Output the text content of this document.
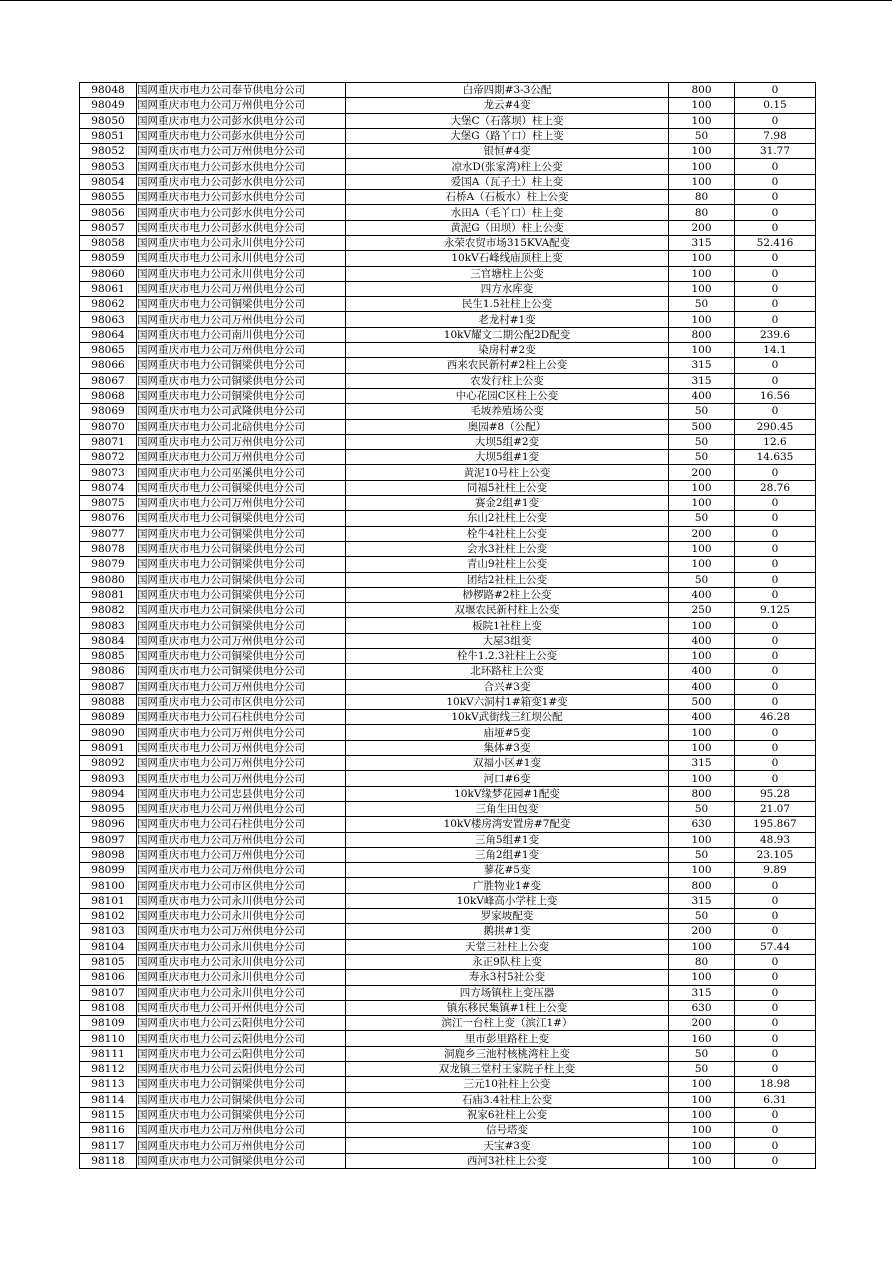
98048	国网重庆市电力公司奉节供电分公司	白帝四期#3-3公配	800	0
98049	国网重庆市电力公司万州供电分公司	龙云#4变	100	0.15
98050	国网重庆市电力公司彭水供电分公司	大堡C（石落坝）柱上变	100	0
98051	国网重庆市电力公司彭水供电分公司	大堡G（路丫口）柱上变	50	7.98
98052	国网重庆市电力公司万州供电分公司	银恒#4变	100	31.77
98053	国网重庆市电力公司彭水供电分公司	凉水D(张家湾)柱上公变	100	0
98054	国网重庆市电力公司彭水供电分公司	爱国A（瓦子土）柱上变	100	0
98055	国网重庆市电力公司彭水供电分公司	石桥A（石板水）柱上公变	80	0
98056	国网重庆市电力公司彭水供电分公司	水田A（毛丫口）柱上变	80	0
98057	国网重庆市电力公司彭水供电分公司	黄泥G（田坝）柱上公变	200	0
98058	国网重庆市电力公司永川供电分公司	永荣农贸市场315KVA配变	315	52.416
98059	国网重庆市电力公司永川供电分公司	10kV石峰线庙顶柱上变	100	0
98060	国网重庆市电力公司永川供电分公司	三官塘柱上公变	100	0
98061	国网重庆市电力公司万州供电分公司	四方水库变	100	0
98062	国网重庆市电力公司铜梁供电分公司	民生1.5社柱上公变	50	0
98063	国网重庆市电力公司万州供电分公司	老龙村#1变	100	0
98064	国网重庆市电力公司南川供电分公司	10kV耀文二期公配2D配变	800	239.6
98065	国网重庆市电力公司万州供电分公司	染房村#2变	100	14.1
98066	国网重庆市电力公司铜梁供电分公司	西来农民新村#2柱上公变	315	0
98067	国网重庆市电力公司铜梁供电分公司	农发行柱上公变	315	0
98068	国网重庆市电力公司铜梁供电分公司	中心花园C区柱上公变	400	16.56
98069	国网重庆市电力公司武隆供电分公司	毛坡养殖场公变	50	0
98070	国网重庆市电力公司北碚供电分公司	奥园#8（公配）	500	290.45
98071	国网重庆市电力公司万州供电分公司	大坝5组#2变	50	12.6
98072	国网重庆市电力公司万州供电分公司	大坝5组#1变	50	14.635
98073	国网重庆市电力公司巫溪供电分公司	黄泥10号柱上公变	200	0
98074	国网重庆市电力公司铜梁供电分公司	同福5社柱上公变	100	28.76
98075	国网重庆市电力公司万州供电分公司	赛金2组#1变	100	0
98076	国网重庆市电力公司铜梁供电分公司	东山2社柱上公变	50	0
98077	国网重庆市电力公司铜梁供电分公司	栓牛4社柱上公变	200	0
98078	国网重庆市电力公司铜梁供电分公司	会水3社柱上公变	100	0
98079	国网重庆市电力公司铜梁供电分公司	青山9社柱上公变	100	0
98080	国网重庆市电力公司铜梁供电分公司	团结2社柱上公变	50	0
98081	国网重庆市电力公司铜梁供电分公司	桫椤路#2柱上公变	400	0
98082	国网重庆市电力公司铜梁供电分公司	双堰农民新村柱上公变	250	9.125
98083	国网重庆市电力公司铜梁供电分公司	板院1社柱上变	100	0
98084	国网重庆市电力公司万州供电分公司	大屋3组变	400	0
98085	国网重庆市电力公司铜梁供电分公司	栓牛1.2.3社柱上公变	100	0
98086	国网重庆市电力公司铜梁供电分公司	北环路柱上公变	400	0
98087	国网重庆市电力公司万州供电分公司	合兴#3变	400	0
98088	国网重庆市电力公司市区供电分公司	10kV六洞村1#箱变1#变	500	0
98089	国网重庆市电力公司石柱供电分公司	10kV武街线三红坝公配	400	46.28
98090	国网重庆市电力公司万州供电分公司	庙垭#5变	100	0
98091	国网重庆市电力公司万州供电分公司	集体#3变	100	0
98092	国网重庆市电力公司万州供电分公司	双福小区#1变	315	0
98093	国网重庆市电力公司万州供电分公司	河口#6变	100	0
98094	国网重庆市电力公司忠县供电分公司	10kV缘梦花园#1配变	800	95.28
98095	国网重庆市电力公司万州供电分公司	三角生田包变	50	21.07
98096	国网重庆市电力公司石柱供电分公司	10kV楼房湾安置房#7配变	630	195.867
98097	国网重庆市电力公司万州供电分公司	三角5组#1变	100	48.93
98098	国网重庆市电力公司万州供电分公司	三角2组#1变	50	23.105
98099	国网重庆市电力公司万州供电分公司	蓼花#5变	100	9.89
98100	国网重庆市电力公司市区供电分公司	广胜物业1#变	800	0
98101	国网重庆市电力公司永川供电分公司	10kV峰高小学柱上变	315	0
98102	国网重庆市电力公司永川供电分公司	罗家坡配变	50	0
98103	国网重庆市电力公司万州供电分公司	鹅拱#1变	200	0
98104	国网重庆市电力公司永川供电分公司	天堂三社柱上公变	100	57.44
98105	国网重庆市电力公司永川供电分公司	永正9队柱上变	80	0
98106	国网重庆市电力公司永川供电分公司	寿永3村5社公变	100	0
98107	国网重庆市电力公司永川供电分公司	四方场镇柱上变压器	315	0
98108	国网重庆市电力公司开州供电分公司	镇东移民集镇#1柱上公变	630	0
98109	国网重庆市电力公司云阳供电分公司	滨江一台柱上变（滨江1#）	200	0
98110	国网重庆市电力公司云阳供电分公司	里市彭里路柱上变	160	0
98111	国网重庆市电力公司云阳供电分公司	洞鹿乡三池村核桃湾柱上变	50	0
98112	国网重庆市电力公司云阳供电分公司	双龙镇三堂村王家院子柱上变	50	0
98113	国网重庆市电力公司铜梁供电分公司	三元10社柱上公变	100	18.98
98114	国网重庆市电力公司铜梁供电分公司	石庙3.4社柱上公变	100	6.31
98115	国网重庆市电力公司铜梁供电分公司	祝家6社柱上公变	100	0
98116	国网重庆市电力公司万州供电分公司	信号塔变	100	0
98117	国网重庆市电力公司万州供电分公司	天宝#3变	100	0
98118	国网重庆市电力公司铜梁供电分公司	西河3社柱上公变	100	0
